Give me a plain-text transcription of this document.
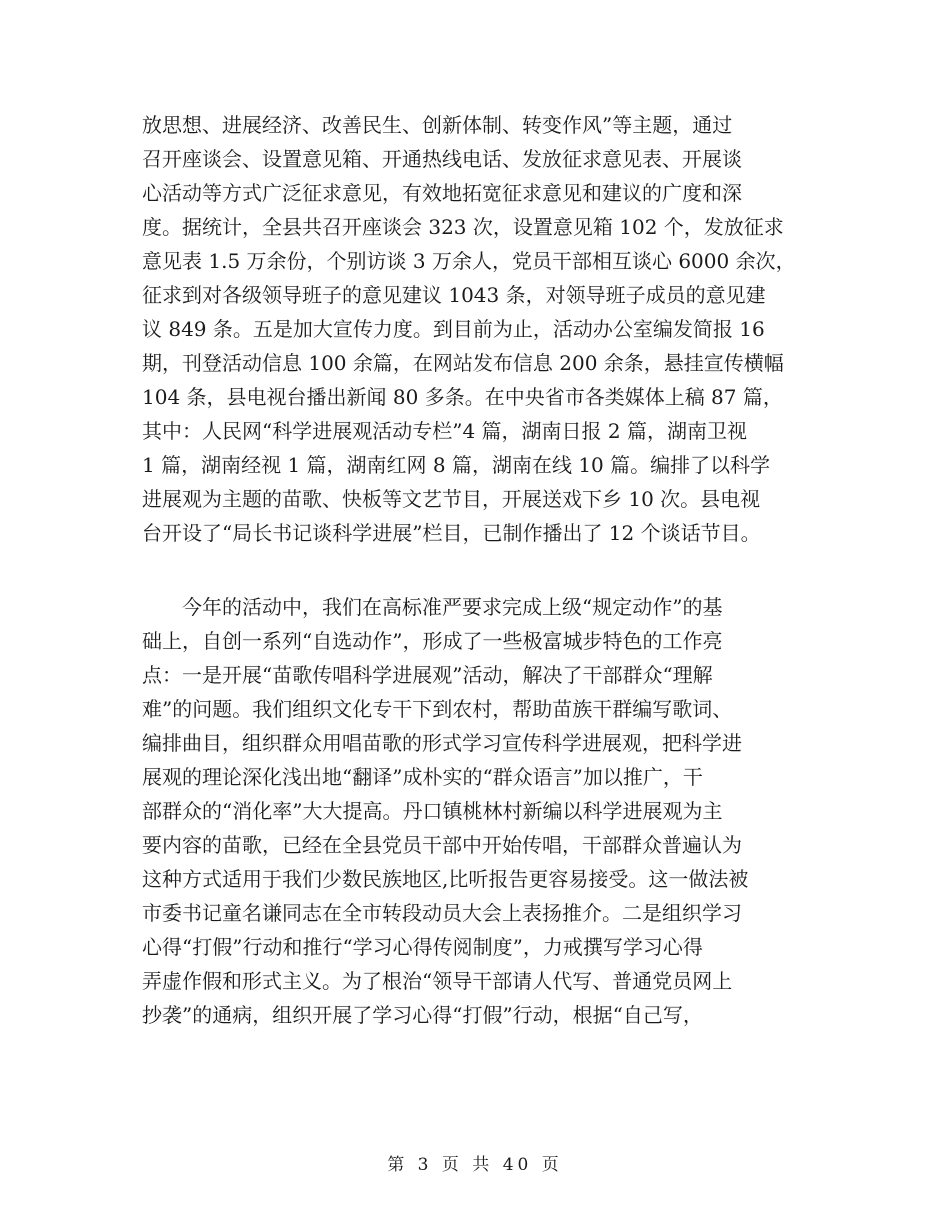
放思想、进展经济、改善民生、创新体制、转变作风”等主题，通过
召开座谈会、设置意见箱、开通热线电话、发放征求意见表、开展谈
心活动等方式广泛征求意见，有效地拓宽征求意见和建议的广度和深
度。据统计，全县共召开座谈会 323 次，设置意见箱 102 个，发放征求
意见表 1.5 万余份，个别访谈 3 万余人，党员干部相互谈心 6000 余次，
征求到对各级领导班子的意见建议 1043 条，对领导班子成员的意见建
议 849 条。五是加大宣传力度。到目前为止，活动办公室编发简报 16
期，刊登活动信息 100 余篇，在网站发布信息 200 余条，悬挂宣传横幅
104 条，县电视台播出新闻 80 多条。在中央省市各类媒体上稿 87 篇，
其中：人民网“科学进展观活动专栏”4 篇，湖南日报 2 篇，湖南卫视
1 篇，湖南经视 1 篇，湖南红网 8 篇，湖南在线 10 篇。编排了以科学
进展观为主题的苗歌、快板等文艺节目，开展送戏下乡 10 次。县电视
台开设了“局长书记谈科学进展”栏目，已制作播出了 12 个谈话节目。
今年的活动中，我们在高标准严要求完成上级“规定动作”的基
础上，自创一系列“自选动作”，形成了一些极富城步特色的工作亮
点：一是开展“苗歌传唱科学进展观”活动，解决了干部群众“理解
难”的问题。我们组织文化专干下到农村，帮助苗族干群编写歌词、
编排曲目，组织群众用唱苗歌的形式学习宣传科学进展观，把科学进
展观的理论深化浅出地“翻译”成朴实的“群众语言”加以推广，干
部群众的“消化率”大大提高。丹口镇桃林村新编以科学进展观为主
要内容的苗歌，已经在全县党员干部中开始传唱，干部群众普遍认为
这种方式适用于我们少数民族地区,比听报告更容易接受。这一做法被
市委书记童名谦同志在全市转段动员大会上表扬推介。二是组织学习
心得“打假”行动和推行“学习心得传阅制度”，力戒撰写学习心得
弄虚作假和形式主义。为了根治“领导干部请人代写、普通党员网上
抄袭”的通病，组织开展了学习心得“打假”行动，根据“自己写，
第 3 页 共 40 页
